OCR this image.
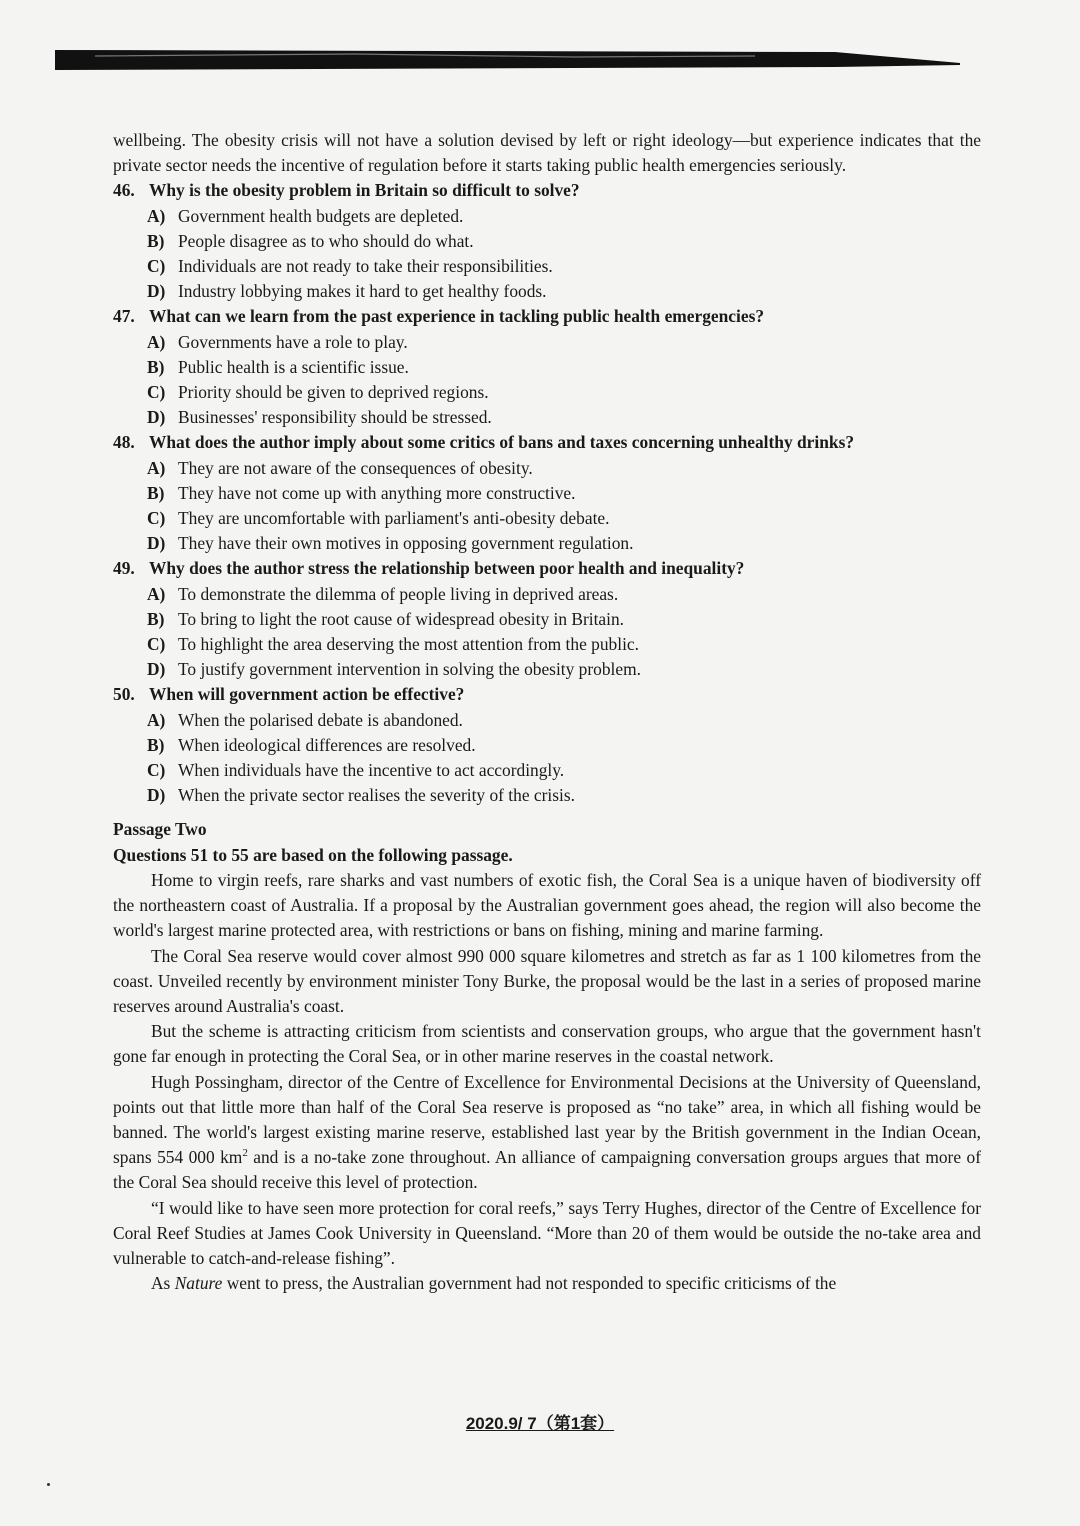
wellbeing. The obesity crisis will not have a solution devised by left or right ideology—but experience indicates that the private sector needs the incentive of regulation before it starts taking public health emergencies seriously.

46. Why is the obesity problem in Britain so difficult to solve?
A) Government health budgets are depleted.
B) People disagree as to who should do what.
C) Individuals are not ready to take their responsibilities.
D) Industry lobbying makes it hard to get healthy foods.
47. What can we learn from the past experience in tackling public health emergencies?
A) Governments have a role to play.
B) Public health is a scientific issue.
C) Priority should be given to deprived regions.
D) Businesses' responsibility should be stressed.
48. What does the author imply about some critics of bans and taxes concerning unhealthy drinks?
A) They are not aware of the consequences of obesity.
B) They have not come up with anything more constructive.
C) They are uncomfortable with parliament's anti-obesity debate.
D) They have their own motives in opposing government regulation.
49. Why does the author stress the relationship between poor health and inequality?
A) To demonstrate the dilemma of people living in deprived areas.
B) To bring to light the root cause of widespread obesity in Britain.
C) To highlight the area deserving the most attention from the public.
D) To justify government intervention in solving the obesity problem.
50. When will government action be effective?
A) When the polarised debate is abandoned.
B) When ideological differences are resolved.
C) When individuals have the incentive to act accordingly.
D) When the private sector realises the severity of the crisis.
Passage Two
Questions 51 to 55 are based on the following passage.

Home to virgin reefs, rare sharks and vast numbers of exotic fish, the Coral Sea is a unique haven of biodiversity off the northeastern coast of Australia. If a proposal by the Australian government goes ahead, the region will also become the world's largest marine protected area, with restrictions or bans on fishing, mining and marine farming.

The Coral Sea reserve would cover almost 990 000 square kilometres and stretch as far as 1 100 kilometres from the coast. Unveiled recently by environment minister Tony Burke, the proposal would be the last in a series of proposed marine reserves around Australia's coast.

But the scheme is attracting criticism from scientists and conservation groups, who argue that the government hasn't gone far enough in protecting the Coral Sea, or in other marine reserves in the coastal network.

Hugh Possingham, director of the Centre of Excellence for Environmental Decisions at the University of Queensland, points out that little more than half of the Coral Sea reserve is proposed as “no take” area, in which all fishing would be banned. The world's largest existing marine reserve, established last year by the British government in the Indian Ocean, spans 554 000 $km^2$ and is a no-take zone throughout. An alliance of campaigning conversation groups argues that more of the Coral Sea should receive this level of protection.

“I would like to have seen more protection for coral reefs,” says Terry Hughes, director of the Centre of Excellence for Coral Reef Studies at James Cook University in Queensland. “More than 20 of them would be outside the no-take area and vulnerable to catch-and-release fishing”.

As Nature went to press, the Australian government had not responded to specific criticisms of the

2020.9/ 7（第1套）
